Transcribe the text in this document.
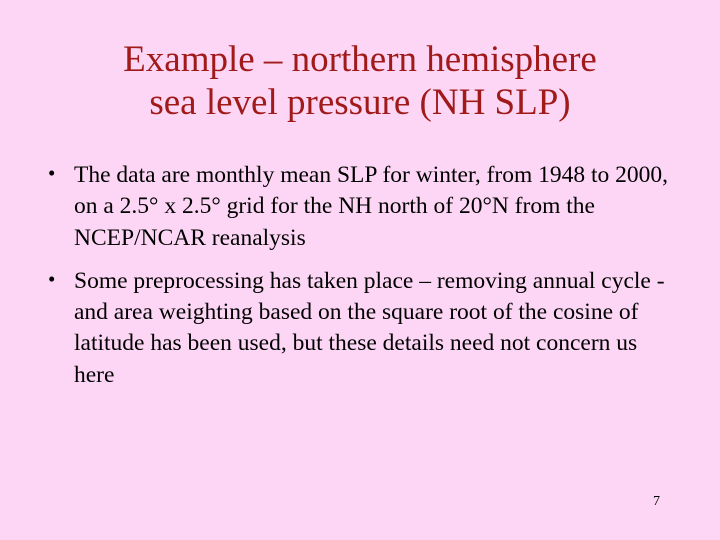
Example – northern hemisphere
sea level pressure (NH SLP)
• The data are monthly mean SLP for winter, from 1948 to 2000, on a 2.5° x 2.5° grid for the NH north of 20°N from the NCEP/NCAR reanalysis
• Some preprocessing has taken place – removing annual cycle - and area weighting based on the square root of the cosine of latitude has been used, but these details need not concern us here
7
